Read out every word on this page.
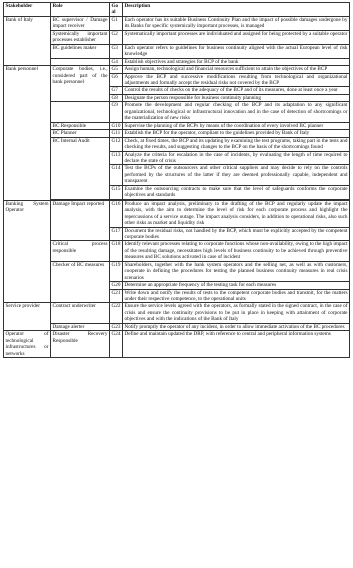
Stakeholder	Role	Goal	Description
Bank of Italy	BC supervisor / Damage impact receiver	G1	Each operator has its suitable Business Continuity Plan and the impact of possible damages undergone by its Banks for specific systemically important processes, is managed
	Systemically important processes establisher	G2	Systematically important processes are individuated and assigned for being protected by a suitable operator
	BC guidelines maker	G3	Each operator refers to guidelines for business continuity aligned with the actual European level of risk knowledge
		G4	Establish objectives and strategies for BCP of the bank
Bank personnel	Corporate bodies, i.e., considered part of the bank personnel	G5	Assign human, technological and financial resources sufficient to attain the objectives of the BCP
		G6	Approve the BCP and successive modifications resulting from technological and organizational adjustments and formally accept the residual risks not covered by the BCP
		G7	Control the results of checks on the adequacy of the BCP and of its measures, done at least once a year
		G8	Designate the person responsible for business continuity planning
		G9	Promote the development and regular checking of the BCP and its adaptation to any significant organizational, technological or infrastructural innovation and in the case of detection of shortcomings or the materialization of new risks
	BC Responsible	G10	Supervise the planning of the BCPs by means of the coordination of every involved BC planner
	BC Planner	G11	Establish the BCP for the operator, compliant to the guidelines provided by Bank of Italy
	BC Internal Audit	G12	Check, at fixed times, the BCP and its updating by examining the test programs, taking part in the tests and checking the results, and suggesting changes to the BCP on the basis of the shortcomings found
		G13	Analyze the criteria for escalation in the case of incidents, by evaluating the length of time required to declare the state of crisis
		G14	Test the BCPs of the outsourcers and other critical suppliers and may decide to rely on the controls performed by the structures of the latter if they are deemed professionally capable, independent and transparent
		G15	Examine the outsourcing contracts to make sure that the level of safeguards conforms the corporate objectives and standards

Banking System Operator	Damage Impact reported	G16	Produce an impact analysis, preliminary to the drafting of the BCP and regularly update the impact analysis, with the aim to determine the level of risk for each corporate process and highlight the repercussions of a service outage. The impact analysis considers, in addition to operational risks, also such other risks as market and liquidity risk
		G17	Document the residual risks, not handled by the BCP, which must be explicitly accepted by the competent corporate bodies
	Critical process responsible	G18	Identify relevant processes relating to corporate functions whose non-availability, owing to the high impact of the resulting damage, necessitates high levels of business continuity to be achieved through preventive measures and BC solutions activated in case of incident
	Checker of BC measures	G19	Shareholders, together with the bank system operators and the selling net, as well as with customers, cooperate in defining the procedures for testing the planned business continuity measures in real crisis scenarios
		G20	Determine an appropriate frequency of the testing task for each measures
		G21	Write down and notify the results of tests to the competent corporate bodies and transmit, for the matters under their respective competence, to the operational units
Service provider	Contract underwriter	G22	Ensure the service levels agreed with the operators, as formally stated in the signed contract, in the case of crisis and ensure the continuity provisions to be put in place in keeping with attainment of corporate objectives and with the indications of the Bank of Italy
	Damage alerter	G23	Notify promptly the operator of any incident, in order to allow immediate activation of the BC procedures
Operator of technological infrastructures or networks	Disaster Recovery Responsible	G24	Define and maintain updated the DRP, with reference to central and peripheral information systems
